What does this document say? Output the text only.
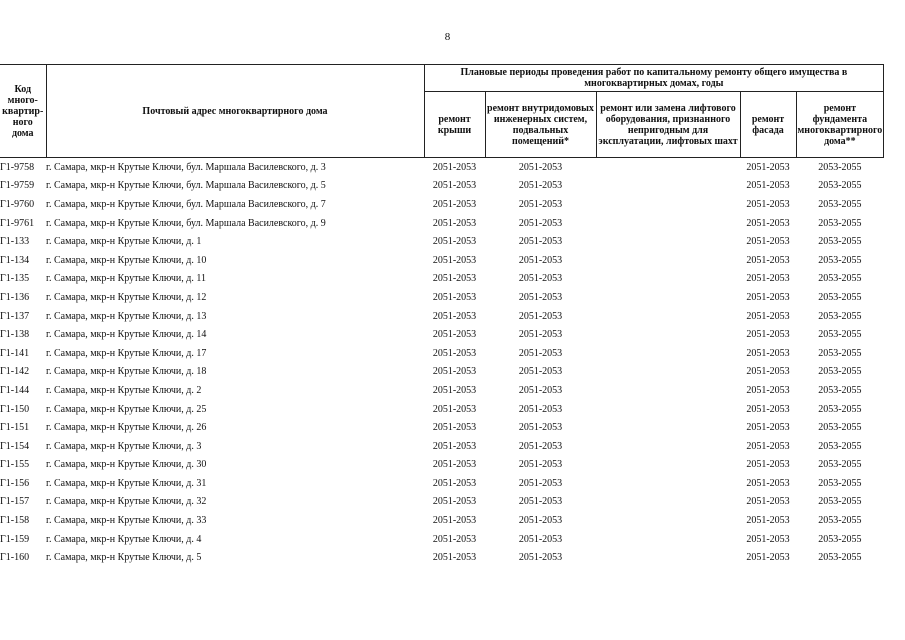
8
Код много-квартир-ного дома	Почтовый адрес многоквартирного дома	Плановые периоды проведения работ по капитальному ремонту общего имущества в многоквартирных домах, годы				
		ремонт крыши	ремонт внутридомовых инженерных систем, подвальных помещений*	ремонт или замена лифтового оборудования, признанного непригодным для эксплуатации, лифтовых шахт	ремонт фасада	ремонт фундамента многоквартирного дома**
Г1-9758	г. Самара, мкр-н Крутые Ключи, бул. Маршала Василевского, д. 3	2051-2053	2051-2053		2051-2053	2053-2055
Г1-9759	г. Самара, мкр-н Крутые Ключи, бул. Маршала Василевского, д. 5	2051-2053	2051-2053		2051-2053	2053-2055
Г1-9760	г. Самара, мкр-н Крутые Ключи, бул. Маршала Василевского, д. 7	2051-2053	2051-2053		2051-2053	2053-2055
Г1-9761	г. Самара, мкр-н Крутые Ключи, бул. Маршала Василевского, д. 9	2051-2053	2051-2053		2051-2053	2053-2055
Г1-133	г. Самара, мкр-н Крутые Ключи, д. 1	2051-2053	2051-2053		2051-2053	2053-2055
Г1-134	г. Самара, мкр-н Крутые Ключи, д. 10	2051-2053	2051-2053		2051-2053	2053-2055
Г1-135	г. Самара, мкр-н Крутые Ключи, д. 11	2051-2053	2051-2053		2051-2053	2053-2055
Г1-136	г. Самара, мкр-н Крутые Ключи, д. 12	2051-2053	2051-2053		2051-2053	2053-2055
Г1-137	г. Самара, мкр-н Крутые Ключи, д. 13	2051-2053	2051-2053		2051-2053	2053-2055
Г1-138	г. Самара, мкр-н Крутые Ключи, д. 14	2051-2053	2051-2053		2051-2053	2053-2055
Г1-141	г. Самара, мкр-н Крутые Ключи, д. 17	2051-2053	2051-2053		2051-2053	2053-2055
Г1-142	г. Самара, мкр-н Крутые Ключи, д. 18	2051-2053	2051-2053		2051-2053	2053-2055
Г1-144	г. Самара, мкр-н Крутые Ключи, д. 2	2051-2053	2051-2053		2051-2053	2053-2055
Г1-150	г. Самара, мкр-н Крутые Ключи, д. 25	2051-2053	2051-2053		2051-2053	2053-2055
Г1-151	г. Самара, мкр-н Крутые Ключи, д. 26	2051-2053	2051-2053		2051-2053	2053-2055
Г1-154	г. Самара, мкр-н Крутые Ключи, д. 3	2051-2053	2051-2053		2051-2053	2053-2055
Г1-155	г. Самара, мкр-н Крутые Ключи, д. 30	2051-2053	2051-2053		2051-2053	2053-2055
Г1-156	г. Самара, мкр-н Крутые Ключи, д. 31	2051-2053	2051-2053		2051-2053	2053-2055
Г1-157	г. Самара, мкр-н Крутые Ключи, д. 32	2051-2053	2051-2053		2051-2053	2053-2055
Г1-158	г. Самара, мкр-н Крутые Ключи, д. 33	2051-2053	2051-2053		2051-2053	2053-2055
Г1-159	г. Самара, мкр-н Крутые Ключи, д. 4	2051-2053	2051-2053		2051-2053	2053-2055
Г1-160	г. Самара, мкр-н Крутые Ключи, д. 5	2051-2053	2051-2053		2051-2053	2053-2055
